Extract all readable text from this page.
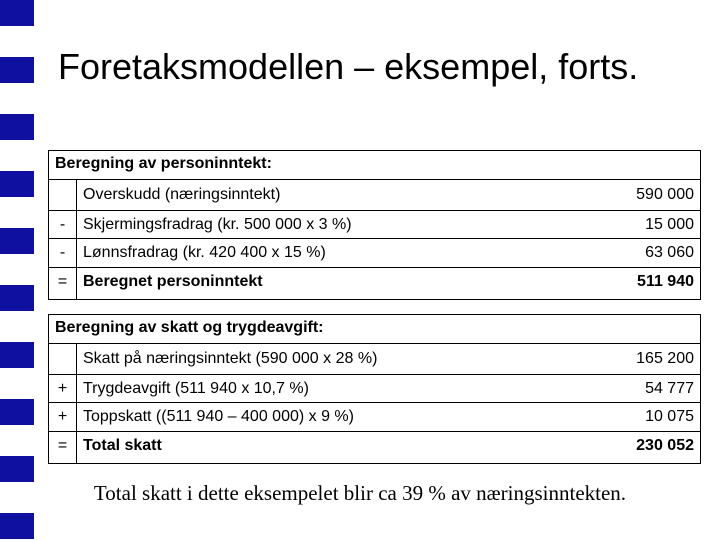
Foretaksmodellen – eksempel, forts.
Beregning av personinntekt:
Overskudd (næringsinntekt)	590 000
-	Skjermingsfradrag (kr. 500 000 x 3 %)	15 000
-	Lønnsfradrag (kr. 420 400 x 15 %)	63 060
= Beregnet personinntekt	511 940
Beregning av skatt og trygdeavgift:
Skatt på næringsinntekt (590 000 x 28 %)	165 200
+ Trygdeavgift (511 940 x 10,7 %)	54 777
+ Toppskatt ((511 940 – 400 000) x 9 %)	10 075
= Total skatt	230 052
Total skatt i dette eksempelet blir ca 39 % av næringsinntekten.
